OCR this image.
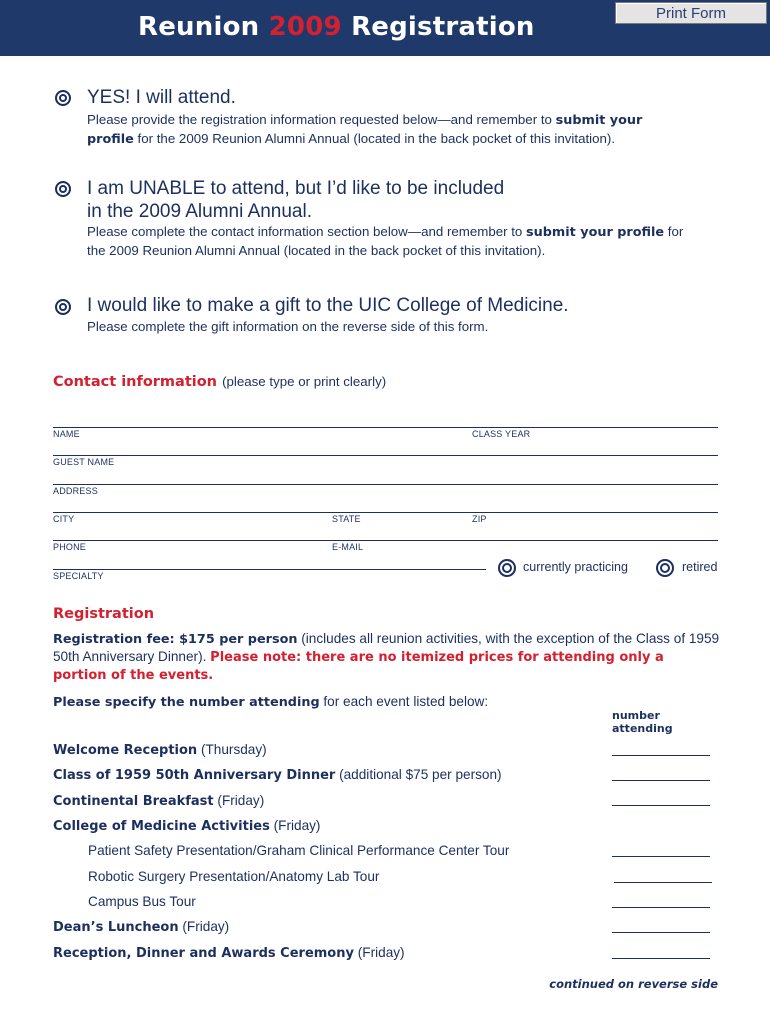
Reunion 2009 Registration	Print Form

YES! I will attend.

Please provide the registration information requested below—and remember to submit your profile for the 2009 Reunion Alumni Annual (located in the back pocket of this invitation).

I am UNABLE to attend, but I’d like to be included

in the 2009 Alumni Annual.

Please complete the contact information section below—and remember to submit your profile for the 2009 Reunion Alumni Annual (located in the back pocket of this invitation).

I would like to make a gift to the UIC College of Medicine.

Please complete the gift information on the reverse side of this form.

Contact information (please type or print clearly)

NAME	CLASS YEAR
GUEST NAME
ADDRESS
CITY	STATE	ZIP
PHONE	E-MAIL
SPECIALTY
currently practicing	retired

Registration

Registration fee: $175 per person (includes all reunion activities, with the exception of the Class of 1959 50th Anniversary Dinner). Please note: there are no itemized prices for attending only a portion of the events.

Please specify the number attending for each event listed below:

number
attending

Welcome Reception (Thursday)

Class of 1959 50th Anniversary Dinner (additional $75 per person)

Continental Breakfast (Friday)

College of Medicine Activities (Friday)

Patient Safety Presentation/Graham Clinical Performance Center Tour

Robotic Surgery Presentation/Anatomy Lab Tour

Campus Bus Tour

Dean’s Luncheon (Friday)

Reception, Dinner and Awards Ceremony (Friday)

continued on reverse side
